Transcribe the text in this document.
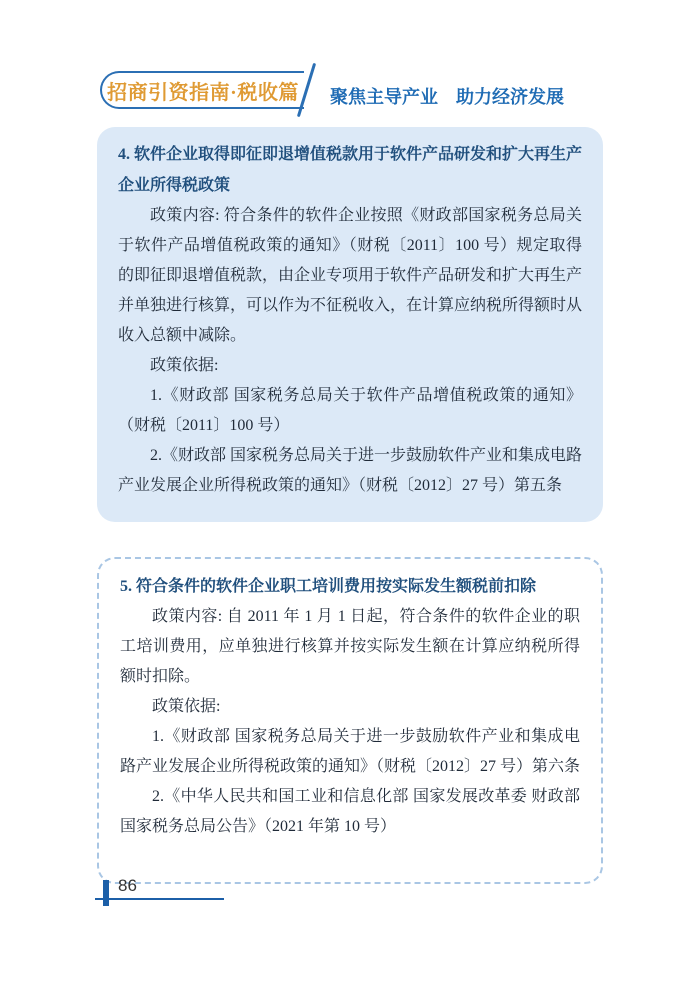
招商引资指南·税收篇 聚焦主导产业　助力经济发展
4. 软件企业取得即征即退增值税款用于软件产品研发和扩大再生产企业所得税政策

政策内容: 符合条件的软件企业按照《财政部国家税务总局关于软件产品增值税政策的通知》（财税〔2011〕100 号）规定取得的即征即退增值税款，由企业专项用于软件产品研发和扩大再生产并单独进行核算，可以作为不征税收入，在计算应纳税所得额时从收入总额中减除。

政策依据:

1.《财政部 国家税务总局关于软件产品增值税政策的通知》（财税〔2011〕100 号）

2.《财政部 国家税务总局关于进一步鼓励软件产业和集成电路产业发展企业所得税政策的通知》（财税〔2012〕27 号）第五条

5. 符合条件的软件企业职工培训费用按实际发生额税前扣除

政策内容: 自 2011 年 1 月 1 日起，符合条件的软件企业的职工培训费用，应单独进行核算并按实际发生额在计算应纳税所得额时扣除。

政策依据:

1.《财政部 国家税务总局关于进一步鼓励软件产业和集成电路产业发展企业所得税政策的通知》（财税〔2012〕27 号）第六条

2.《中华人民共和国工业和信息化部 国家发展改革委 财政部国家税务总局公告》（2021 年第 10 号）

86
